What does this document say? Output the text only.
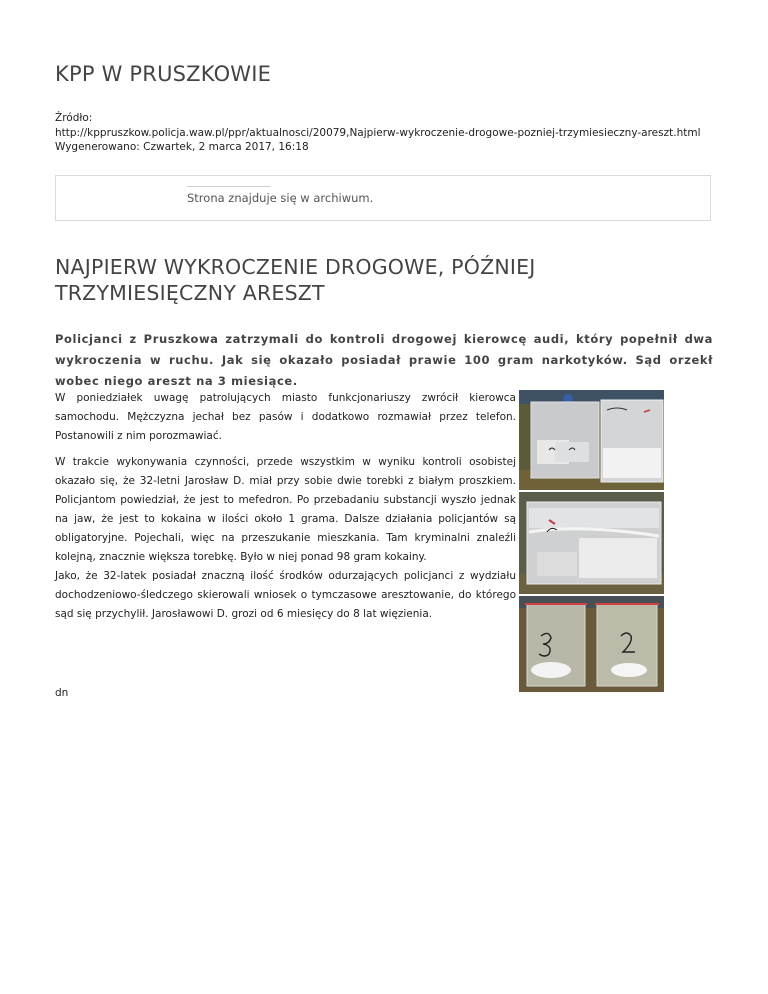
KPP W PRUSZKOWIE
Źródło:
http://kppruszkow.policja.waw.pl/ppr/aktualnosci/20079,Najpierw-wykroczenie-drogowe-pozniej-trzymiesieczny-areszt.html
Wygenerowano: Czwartek, 2 marca 2017, 16:18
Strona znajduje się w archiwum.
NAJPIERW WYKROCZENIE DROGOWE, PÓŹNIEJ TRZYMIESIĘCZNY ARESZT

Policjanci z Pruszkowa zatrzymali do kontroli drogowej kierowcę audi, który popełnił dwa wykroczenia w ruchu. Jak się okazało posiadał prawie 100 gram narkotyków. Sąd orzekł wobec niego areszt na 3 miesiące.

W poniedziałek uwagę patrolujących miasto funkcjonariuszy zwrócił kierowca samochodu. Mężczyzna jechał bez pasów i dodatkowo rozmawiał przez telefon. Postanowili z nim porozmawiać.

W trakcie wykonywania czynności, przede wszystkim w wyniku kontroli osobistej okazało się, że 32-letni Jarosław D. miał przy sobie dwie torebki z białym proszkiem. Policjantom powiedział, że jest to mefedron. Po przebadaniu substancji wyszło jednak na jaw, że jest to kokaina w ilości około 1 grama. Dalsze działania policjantów są obligatoryjne. Pojechali, więc na przeszukanie mieszkania. Tam kryminalni znaleźli kolejną, znacznie większa torebkę. Było w niej ponad 98 gram kokainy.

Jako, że 32-latek posiadał znaczną ilość środków odurzających policjanci z wydziału dochodzeniowo-śledczego skierowali wniosek o tymczasowe aresztowanie, do którego sąd się przychylił. Jarosławowi D. grozi od 6 miesięcy do 8 lat więzienia.

dn
